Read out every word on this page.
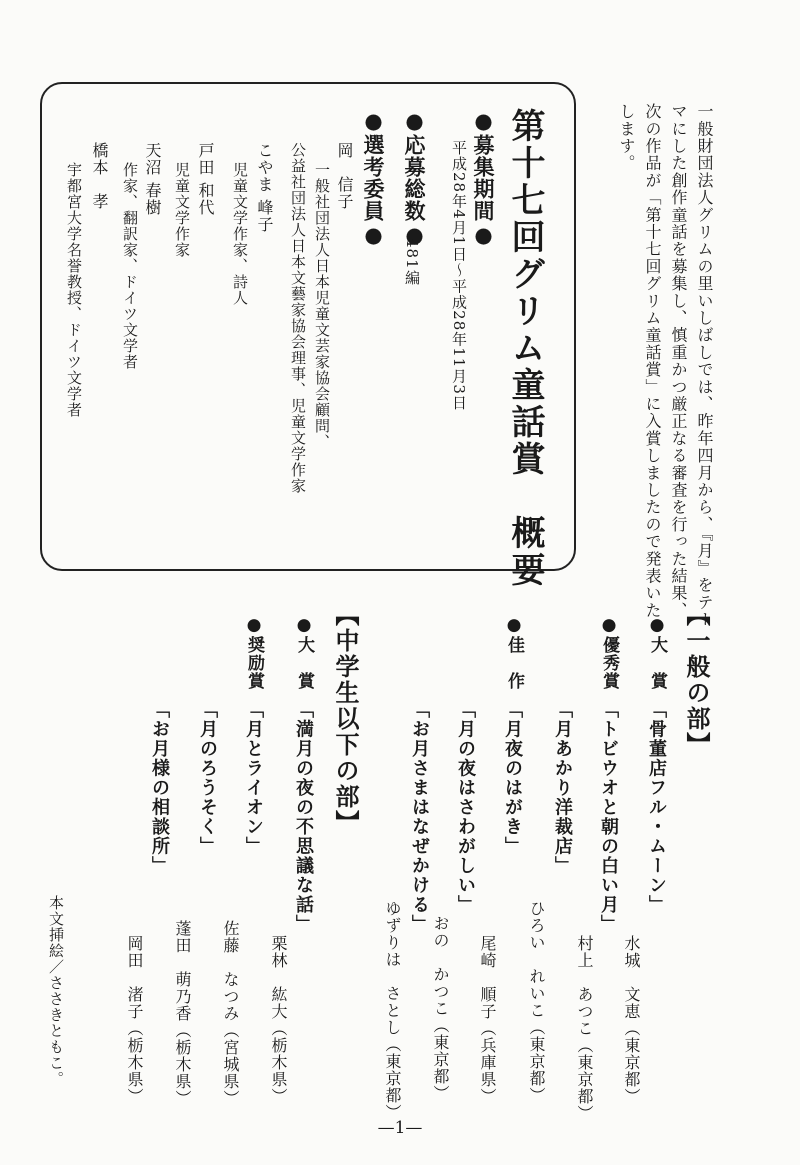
一般財団法人グリムの里いしばしでは、昨年四月から、『月』をテー
マにした創作童話を募集し、慎重かつ厳正なる審査を行った結果、
次の作品が「第十七回グリム童話賞」に入賞しましたので発表いた
します。
第十七回グリム童話賞　概要
●募集期間●
平成28年4月1日～平成28年11月3日
●応募総数●
481編
●選考委員●
岡　信子
一般社団法人日本児童文芸家協会顧問、
公益社団法人日本文藝家協会理事、児童文学作家
こやま 峰子
児童文学作家、詩人
戸田 和代
児童文学作家
天沼 春樹
作家、翻訳家、ドイツ文学者
橋本　孝
宇都宮大学名誉教授、ドイツ文学者
【一般の部】
●大　賞
「骨董店フル・ムーン」
水城　文恵（東京都）
●優秀賞
「トビウオと朝の白い月」
村上　あつこ（東京都）
「月あかり洋裁店」
ひろい　れいこ（東京都）
●佳　作
「月夜のはがき」
尾崎　順子（兵庫県）
「月の夜はさわがしい」
おの　かつこ（東京都）
「お月さまはなぜかける」
ゆずりは　さとし（東京都）
【中学生以下の部】
●大　賞
「満月の夜の不思議な話」
栗林　紘大（栃木県）
●奨励賞
「月とライオン」
佐藤　なつみ（宮城県）
「月のろうそく」
蓬田　萌乃香（栃木県）
「お月様の相談所」
岡田　渚子（栃木県）
本文挿絵／ささきともこ。
—1—
